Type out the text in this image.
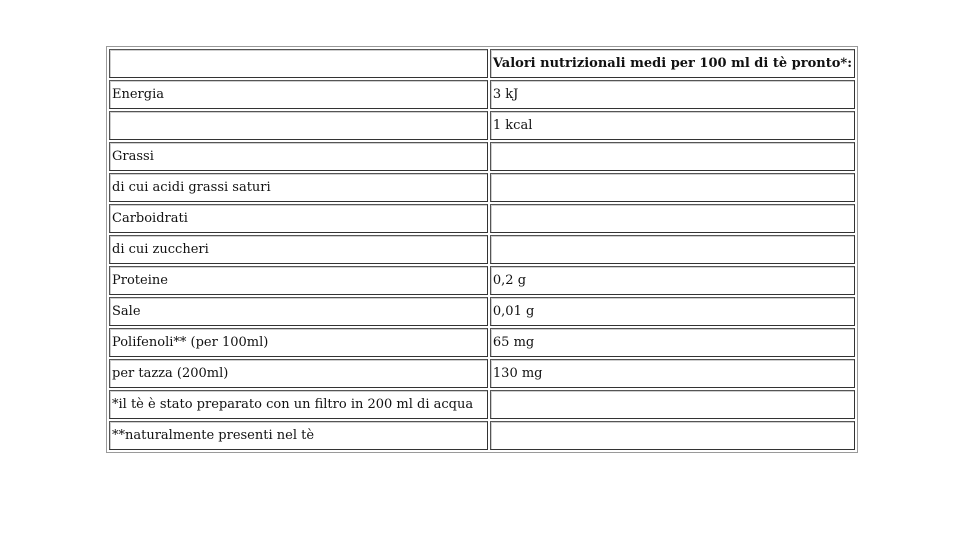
	Valori nutrizionali medi per 100 ml di tè pronto*:
Energia	3 kJ
	1 kcal
Grassi	
di cui acidi grassi saturi	
Carboidrati	
di cui zuccheri	
Proteine	0,2 g
Sale	0,01 g
Polifenoli** (per 100ml)	65 mg
per tazza (200ml)	130 mg
*il tè è stato preparato con un filtro in 200 ml di acqua	
**naturalmente presenti nel tè	
